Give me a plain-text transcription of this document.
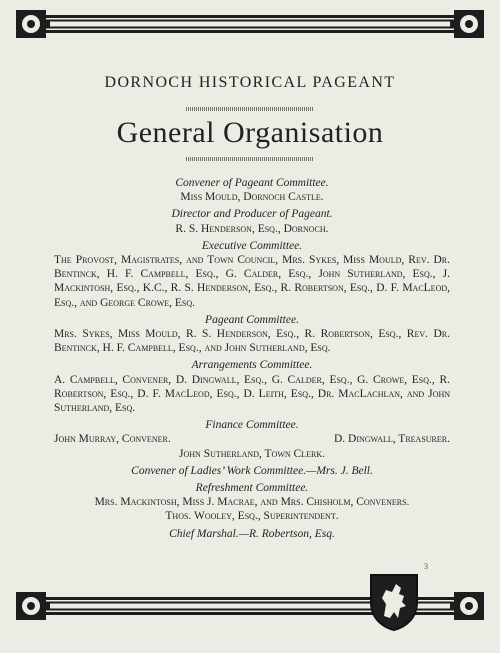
DORNOCH HISTORICAL PAGEANT
General Organisation
Convener of Pageant Committee.
Miss Mould, Dornoch Castle.
Director and Producer of Pageant.
R. S. Henderson, Esq., Dornoch.
Executive Committee.
The Provost, Magistrates, and Town Council, Mrs. Sykes, Miss Mould, Rev. Dr. Bentinck, H. F. Campbell, Esq., G. Calder, Esq., John Sutherland, Esq., J. Mackintosh, Esq., K.C., R. S. Henderson, Esq., R. Robertson, Esq., D. F. MacLeod, Esq., and George Crowe, Esq.
Pageant Committee.
Mrs. Sykes, Miss Mould, R. S. Henderson, Esq., R. Robertson, Esq., Rev. Dr. Bentinck, H. F. Campbell, Esq., and John Sutherland, Esq.
Arrangements Committee.
A. Campbell, Convener, D. Dingwall, Esq., G. Calder, Esq., G. Crowe, Esq., R. Robertson, Esq., D. F. MacLeod, Esq., D. Leith, Esq., Dr. MacLachlan, and John Sutherland, Esq.
Finance Committee.
John Murray, Convener.	D. Dingwall, Treasurer.
John Sutherland, Town Clerk.
Convener of Ladies’ Work Committee.—Mrs. J. Bell.
Refreshment Committee.
Mrs. Mackintosh, Miss J. Macrae, and Mrs. Chisholm, Conveners.
Thos. Wooley, Esq., Superintendent.
Chief Marshal.—R. Robertson, Esq.
3
